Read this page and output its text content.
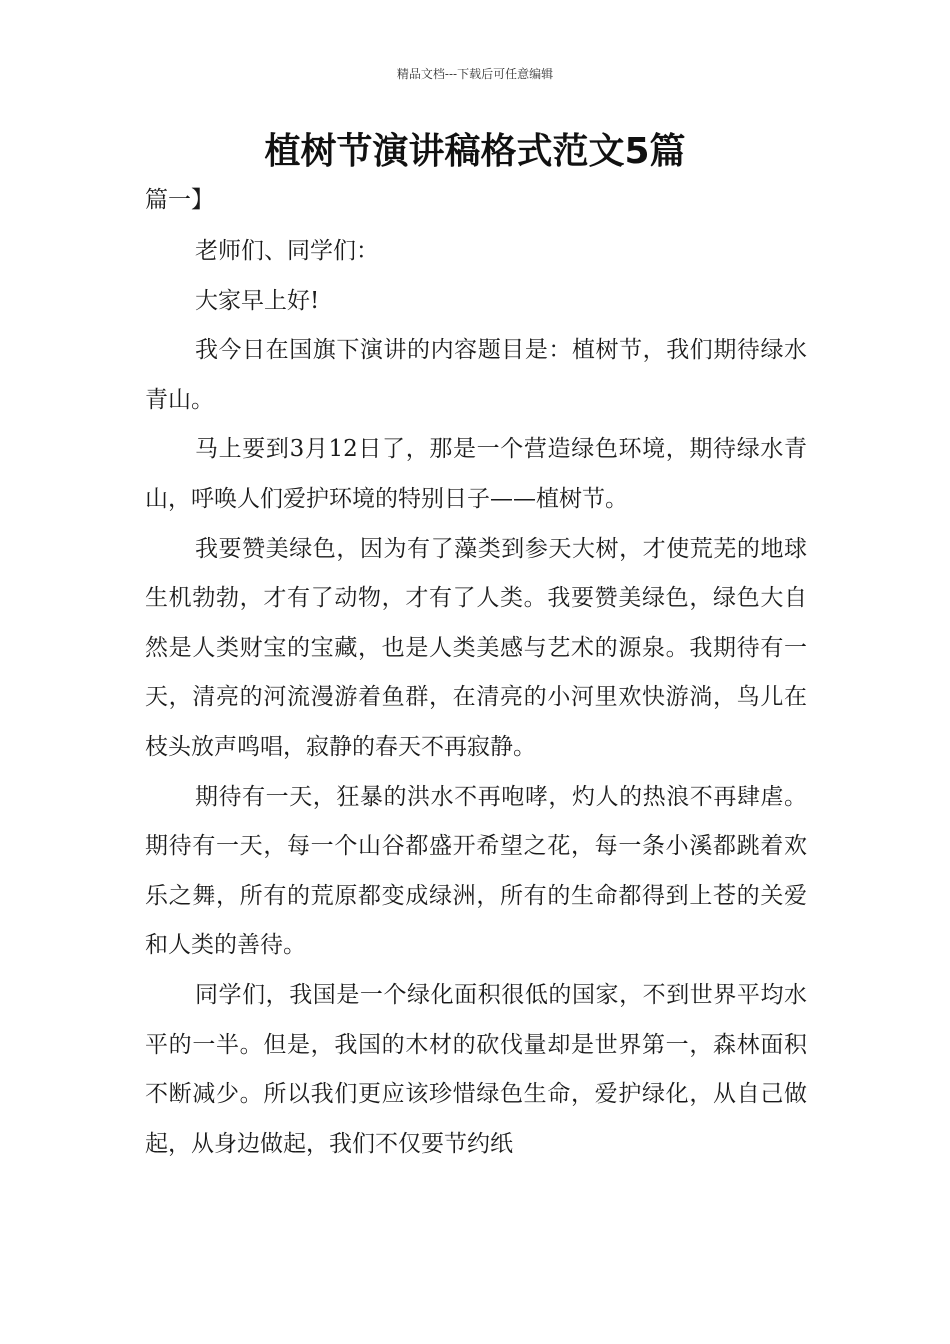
精品文档---下载后可任意编辑
植树节演讲稿格式范文5篇

篇一】

老师们、同学们：

大家早上好!

我今日在国旗下演讲的内容题目是：植树节，我们期待绿水青山。

马上要到3月12日了，那是一个营造绿色环境，期待绿水青山，呼唤人们爱护环境的特别日子——植树节。

我要赞美绿色，因为有了藻类到参天大树，才使荒芜的地球生机勃勃，才有了动物，才有了人类。我要赞美绿色，绿色大自然是人类财宝的宝藏，也是人类美感与艺术的源泉。我期待有一天，清亮的河流漫游着鱼群，在清亮的小河里欢快游淌，鸟儿在枝头放声鸣唱，寂静的春天不再寂静。

期待有一天，狂暴的洪水不再咆哮，灼人的热浪不再肆虐。期待有一天，每一个山谷都盛开希望之花，每一条小溪都跳着欢乐之舞，所有的荒原都变成绿洲，所有的生命都得到上苍的关爱和人类的善待。

同学们，我国是一个绿化面积很低的国家，不到世界平均水平的一半。但是，我国的木材的砍伐量却是世界第一，森林面积不断减少。所以我们更应该珍惜绿色生命，爱护绿化，从自己做起，从身边做起，我们不仅要节约纸
